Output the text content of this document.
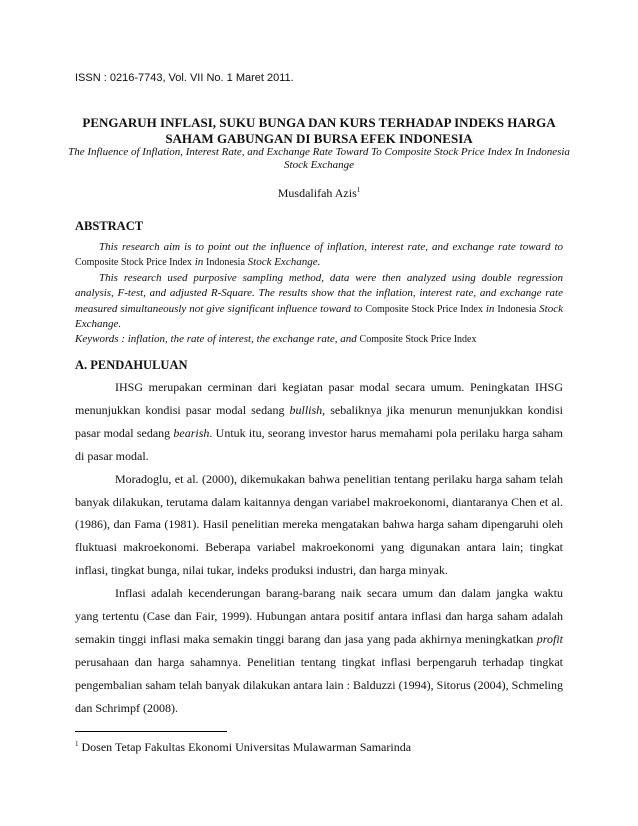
ISSN : 0216-7743, Vol. VII No. 1 Maret 2011.
PENGARUH INFLASI, SUKU BUNGA DAN KURS TERHADAP INDEKS HARGA
SAHAM GABUNGAN DI BURSA EFEK INDONESIA
The Influence of Inflation, Interest Rate, and Exchange Rate Toward To Composite Stock Price Index In Indonesia Stock Exchange
Musdalifah Azis$^1$
ABSTRACT

This research aim is to point out the influence of inflation, interest rate, and exchange rate toward to Composite Stock Price Index in Indonesia Stock Exchange.

This research used purposive sampling method, data were then analyzed using double regression analysis, F-test, and adjusted R-Square. The results show that the inflation, interest rate, and exchange rate measured simultaneously not give significant influence toward to Composite Stock Price Index in Indonesia Stock Exchange.

Keywords : inflation, the rate of interest, the exchange rate, and Composite Stock Price Index

A. PENDAHULUAN

IHSG merupakan cerminan dari kegiatan pasar modal secara umum. Peningkatan IHSG menunjukkan kondisi pasar modal sedang bullish, sebaliknya jika menurun menunjukkan kondisi pasar modal sedang bearish. Untuk itu, seorang investor harus memahami pola perilaku harga saham di pasar modal.

Moradoglu, et al. (2000), dikemukakan bahwa penelitian tentang perilaku harga saham telah banyak dilakukan, terutama dalam kaitannya dengan variabel makroekonomi, diantaranya Chen et al. (1986), dan Fama (1981). Hasil penelitian mereka mengatakan bahwa harga saham dipengaruhi oleh fluktuasi makroekonomi. Beberapa variabel makroekonomi yang digunakan antara lain; tingkat inflasi, tingkat bunga, nilai tukar, indeks produksi industri, dan harga minyak.

Inflasi adalah kecenderungan barang-barang naik secara umum dan dalam jangka waktu yang tertentu (Case dan Fair, 1999). Hubungan antara positif antara inflasi dan harga saham adalah semakin tinggi inflasi maka semakin tinggi barang dan jasa yang pada akhirnya meningkatkan profit perusahaan dan harga sahamnya. Penelitian tentang tingkat inflasi berpengaruh terhadap tingkat pengembalian saham telah banyak dilakukan antara lain : Balduzzi (1994), Sitorus (2004), Schmeling dan Schrimpf (2008).

$^1$ Dosen Tetap Fakultas Ekonomi Universitas Mulawarman Samarinda
